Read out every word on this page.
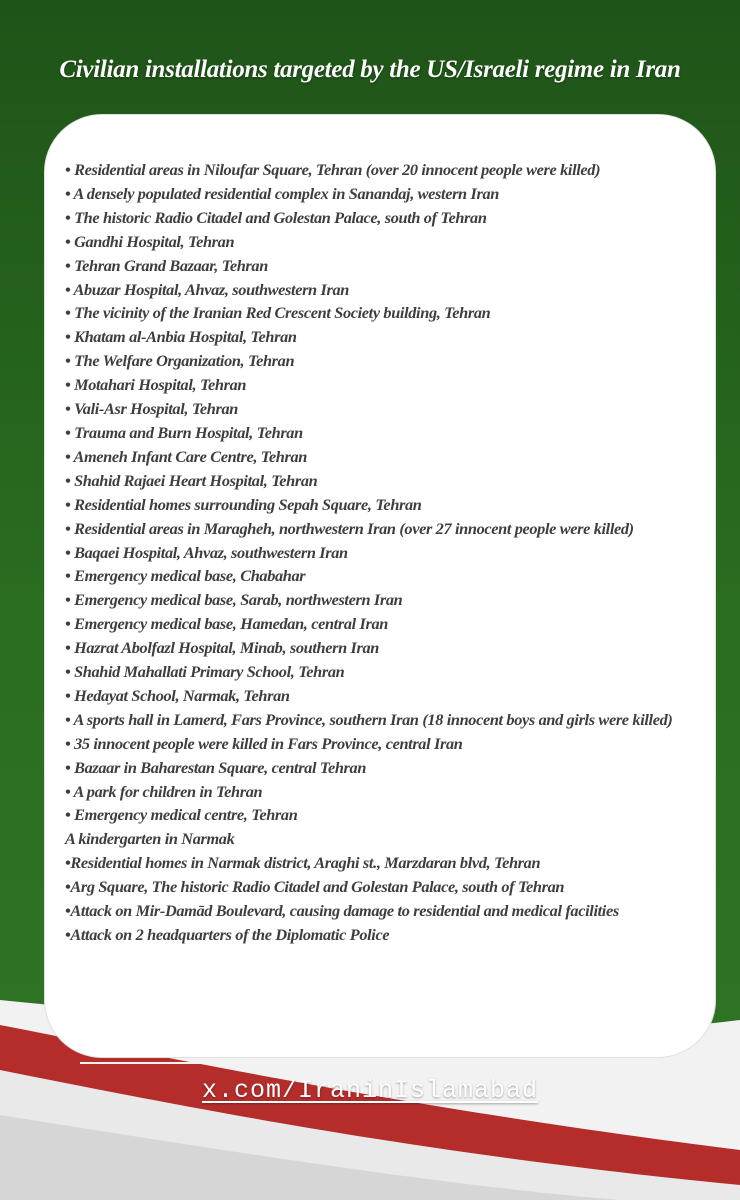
Civilian installations targeted by the US/Israeli regime in Iran
• Residential areas in Niloufar Square, Tehran (over 20 innocent people were killed)
• A densely populated residential complex in Sanandaj, western Iran
• The historic Radio Citadel and Golestan Palace, south of Tehran
• Gandhi Hospital, Tehran
• Tehran Grand Bazaar, Tehran
• Abuzar Hospital, Ahvaz, southwestern Iran
• The vicinity of the Iranian Red Crescent Society building, Tehran
• Khatam al-Anbia Hospital, Tehran
• The Welfare Organization, Tehran
• Motahari Hospital, Tehran
• Vali-Asr Hospital, Tehran
• Trauma and Burn Hospital, Tehran
• Ameneh Infant Care Centre, Tehran
• Shahid Rajaei Heart Hospital, Tehran
• Residential homes surrounding Sepah Square, Tehran
• Residential areas in Maragheh, northwestern Iran (over 27 innocent people were killed)
• Baqaei Hospital, Ahvaz, southwestern Iran
• Emergency medical base, Chabahar
• Emergency medical base, Sarab, northwestern Iran
• Emergency medical base, Hamedan, central Iran
• Hazrat Abolfazl Hospital, Minab, southern Iran
• Shahid Mahallati Primary School, Tehran
• Hedayat School, Narmak, Tehran
• A sports hall in Lamerd, Fars Province, southern Iran (18 innocent boys and girls were killed)
• 35 innocent people were killed in Fars Province, central Iran
• Bazaar in Baharestan Square, central Tehran
• A park for children in Tehran
• Emergency medical centre, Tehran
A kindergarten in Narmak
•Residential homes in Narmak district, Araghi st., Marzdaran blvd, Tehran
•Arg Square, The historic Radio Citadel and Golestan Palace, south of Tehran
•Attack on Mir-Damād Boulevard, causing damage to residential and medical facilities
•Attack on 2 headquarters of the Diplomatic Police
x.com/IraninIslamabad
